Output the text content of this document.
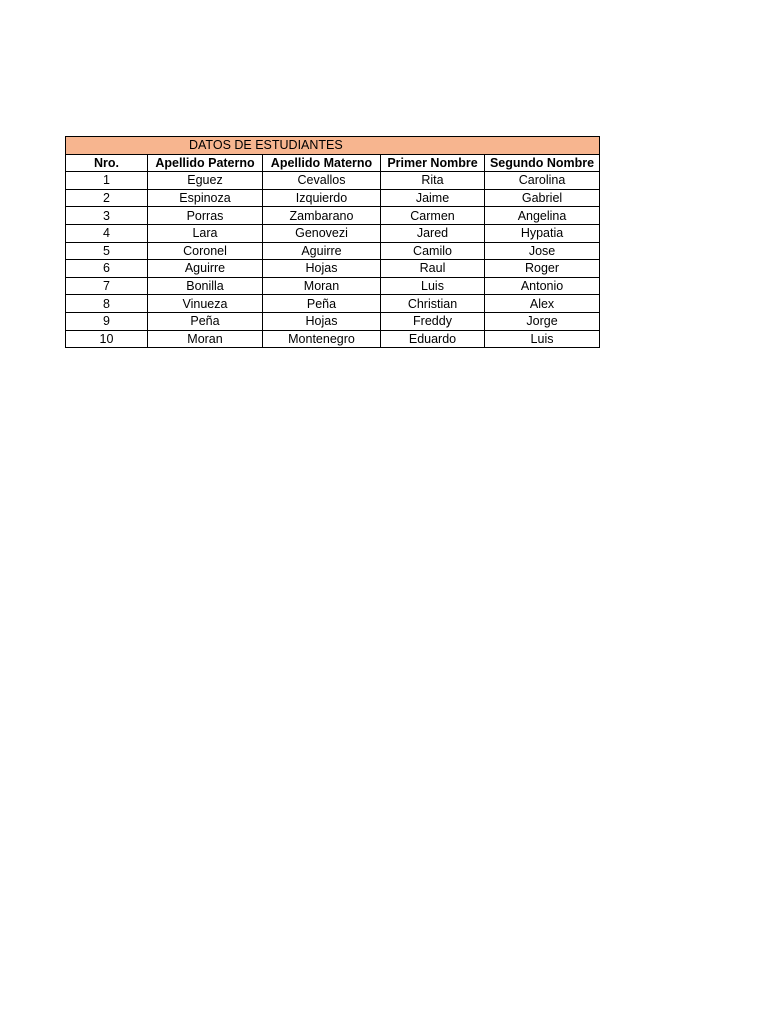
DATOS DE ESTUDIANTES				
Nro.	Apellido Paterno	Apellido Materno	Primer Nombre	Segundo Nombre
1	Eguez	Cevallos	Rita	Carolina
2	Espinoza	Izquierdo	Jaime	Gabriel
3	Porras	Zambarano	Carmen	Angelina
4	Lara	Genovezi	Jared	Hypatia
5	Coronel	Aguirre	Camilo	Jose
6	Aguirre	Hojas	Raul	Roger
7	Bonilla	Moran	Luis	Antonio
8	Vinueza	Peña	Christian	Alex
9	Peña	Hojas	Freddy	Jorge
10	Moran	Montenegro	Eduardo	Luis
